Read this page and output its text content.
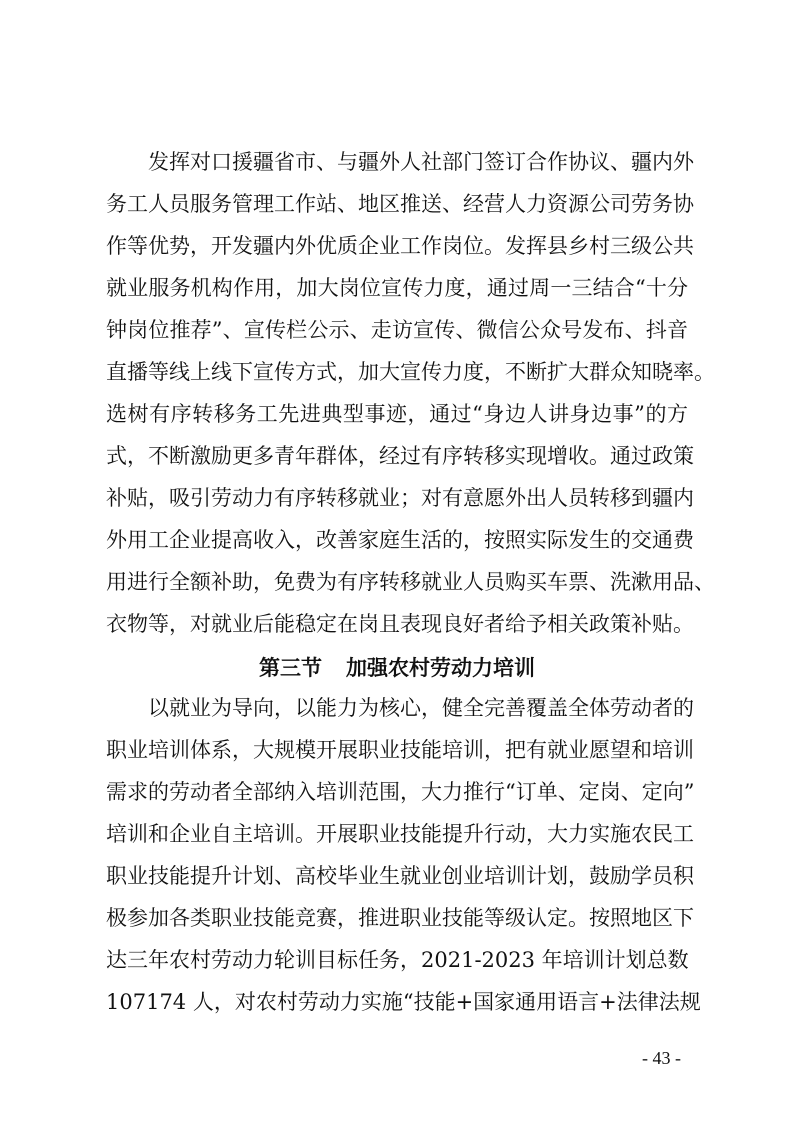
发挥对口援疆省市、与疆外人社部门签订合作协议、疆内外
务工人员服务管理工作站、地区推送、经营人力资源公司劳务协
作等优势，开发疆内外优质企业工作岗位。发挥县乡村三级公共
就业服务机构作用，加大岗位宣传力度，通过周一三结合“十分
钟岗位推荐”、宣传栏公示、走访宣传、微信公众号发布、抖音
直播等线上线下宣传方式，加大宣传力度，不断扩大群众知晓率。
选树有序转移务工先进典型事迹，通过“身边人讲身边事”的方
式，不断激励更多青年群体，经过有序转移实现增收。通过政策
补贴，吸引劳动力有序转移就业；对有意愿外出人员转移到疆内
外用工企业提高收入，改善家庭生活的，按照实际发生的交通费
用进行全额补助，免费为有序转移就业人员购买车票、洗漱用品、
衣物等，对就业后能稳定在岗且表现良好者给予相关政策补贴。
第三节 加强农村劳动力培训
以就业为导向，以能力为核心，健全完善覆盖全体劳动者的
职业培训体系，大规模开展职业技能培训，把有就业愿望和培训
需求的劳动者全部纳入培训范围，大力推行“订单、定岗、定向”
培训和企业自主培训。开展职业技能提升行动，大力实施农民工
职业技能提升计划、高校毕业生就业创业培训计划，鼓励学员积
极参加各类职业技能竞赛，推进职业技能等级认定。按照地区下
达三年农村劳动力轮训目标任务，2021-2023 年培训计划总数
107174 人，对农村劳动力实施“技能+国家通用语言+法律法规
- 43 -
